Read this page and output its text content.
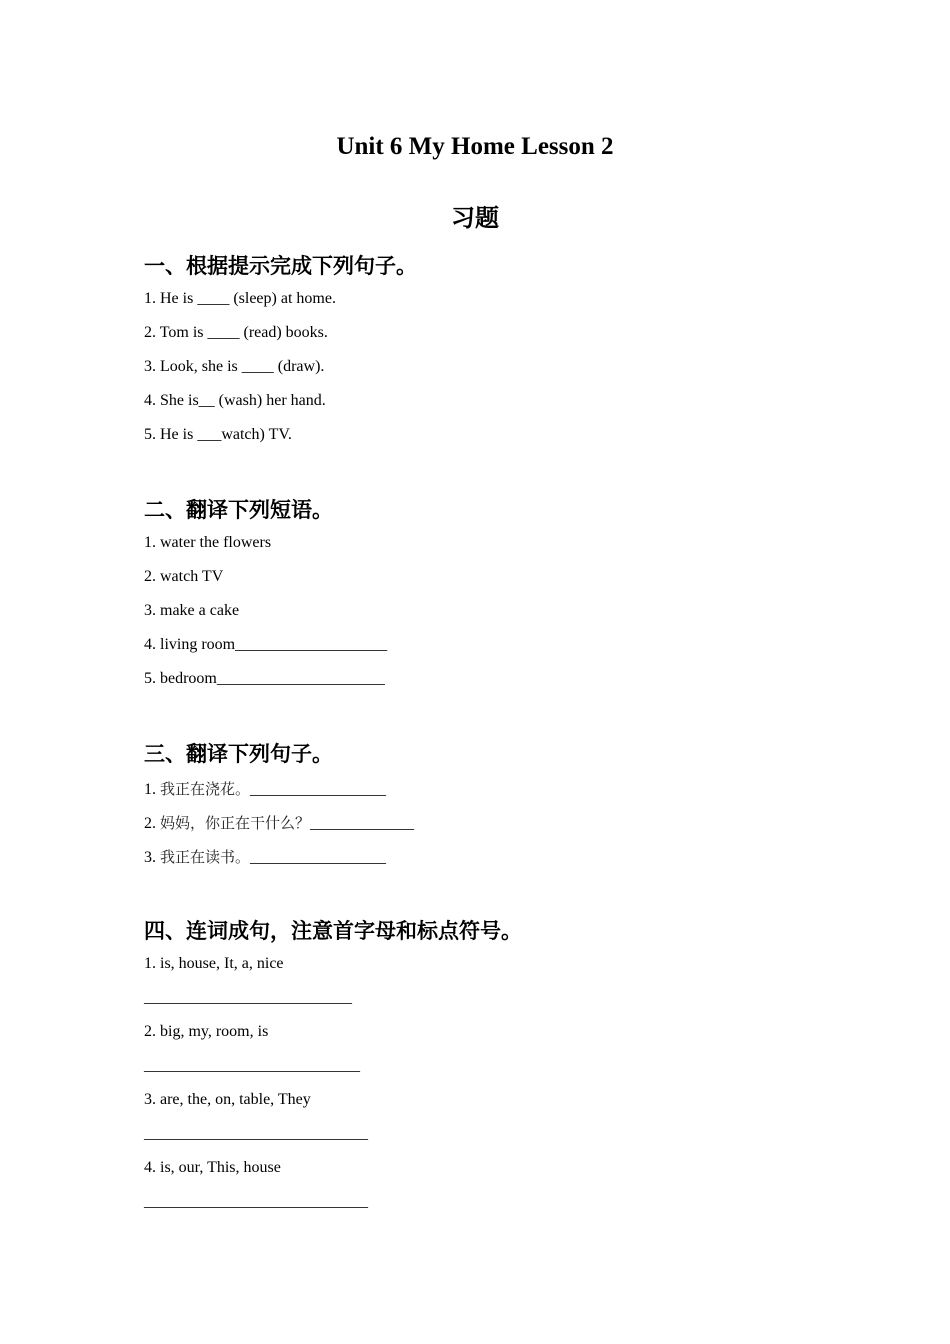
Unit 6 My Home Lesson 2
习题
一、根据提示完成下列句子。

1. He is ____ (sleep) at home.

2. Tom is ____ (read) books.

3. Look, she is ____ (draw).

4. She is__ (wash) her hand.

5. He is ___watch) TV.

二、翻译下列短语。

1. water the flowers

2. watch TV

3. make a cake

4. living room___________________

5. bedroom_____________________

三、翻译下列句子。

1. 我正在浇花。_________________

2. 妈妈，你正在干什么？_____________

3. 我正在读书。_________________

四、连词成句，注意首字母和标点符号。

1. is, house, It, a, nice

__________________________

2. big, my, room, is

___________________________

3. are, the, on, table, They

____________________________

4. is, our, This, house

____________________________
